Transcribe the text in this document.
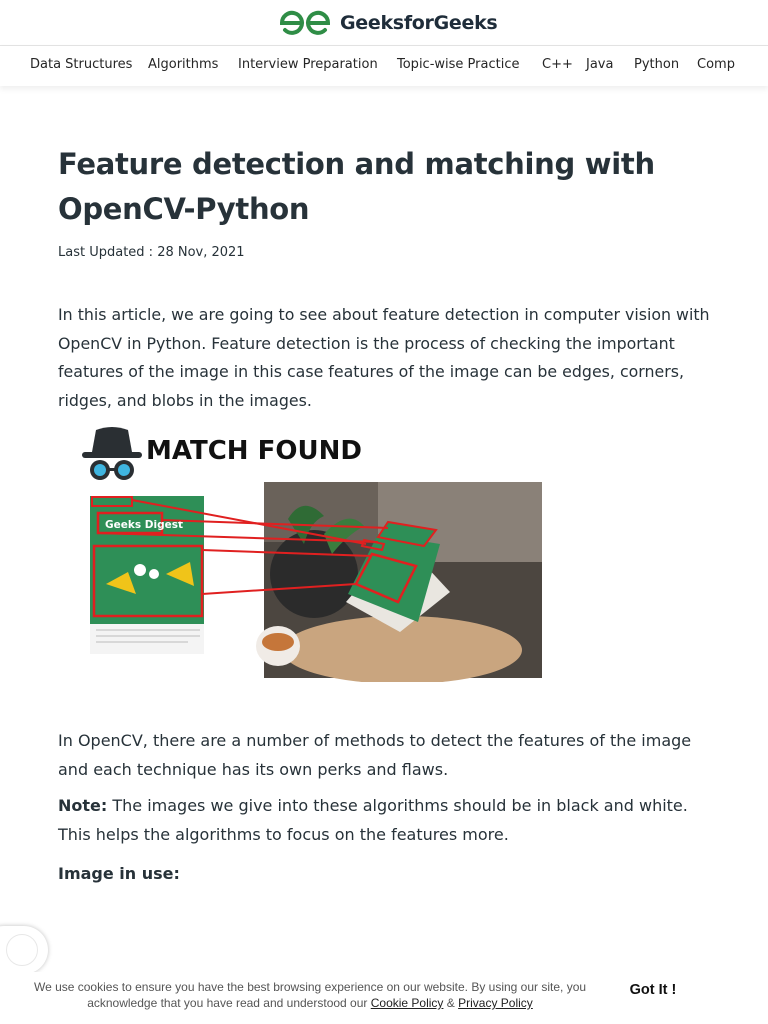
GeeksforGeeks
Data Structures Algorithms Interview Preparation Topic-wise Practice C++ Java Python Comp
Feature detection and matching with OpenCV-Python
Last Updated : 28 Nov, 2021

In this article, we are going to see about feature detection in computer vision with OpenCV in Python. Feature detection is the process of checking the important features of the image in this case features of the image can be edges, corners, ridges, and blobs in the images.

MATCH FOUND
Geeks Digest

In OpenCV, there are a number of methods to detect the features of the image and each technique has its own perks and flaws.

Note: The images we give into these algorithms should be in black and white. This helps the algorithms to focus on the features more.

Image in use:

We use cookies to ensure you have the best browsing experience on our website. By using our site, you acknowledge that you have read and understood our Cookie Policy & Privacy Policy
Got It !
